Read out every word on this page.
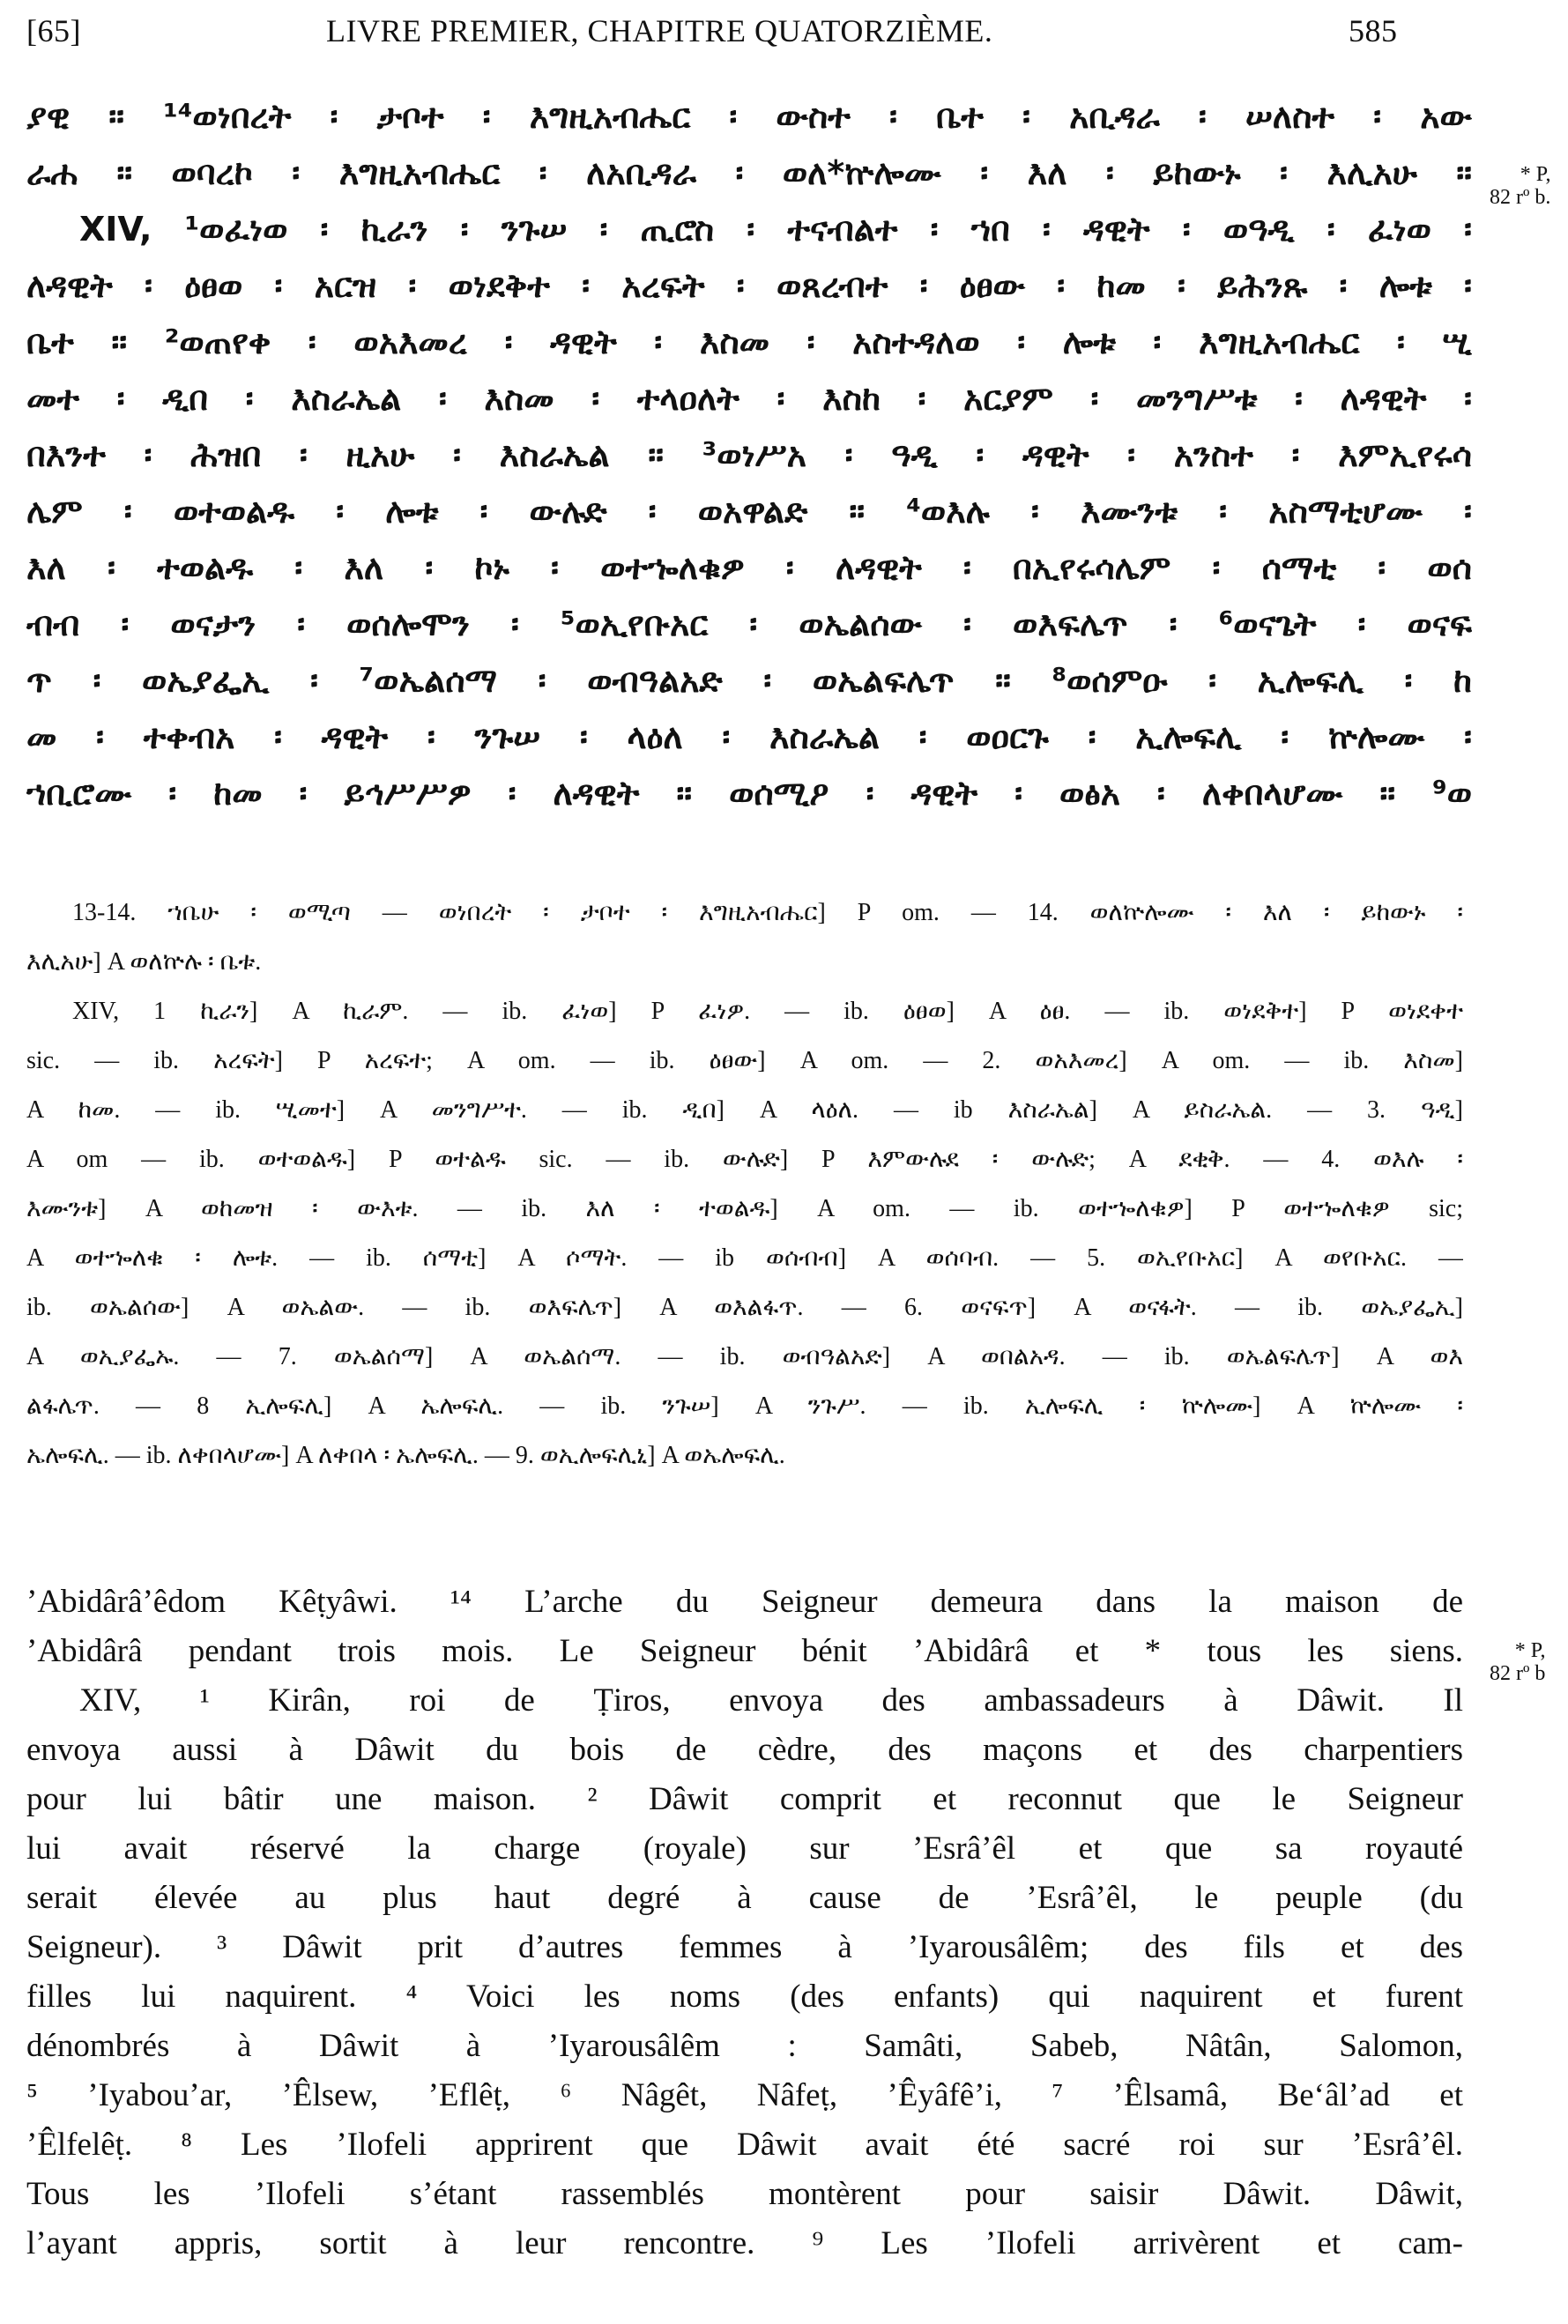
[65]	LIVRE PREMIER, CHAPITRE QUATORZIÈME.	585
ያዊ ። ¹⁴ወነበረት ፡ ታቦተ ፡ እግዚአብሔር ፡ ውስተ ፡ ቤተ ፡ አቢዳራ ፡ ሠለስተ ፡ አው
ራሐ ። ወባረኮ ፡ እግዚአብሔር ፡ ለአቢዳራ ፡ ወለ*ኵሎሙ ፡ እለ ፡ ይከውኑ ፡ እሊአሁ ።
XIV, ¹ወፈነወ ፡ ኪራን ፡ ንጉሠ ፡ ጢሮስ ፡ ተናብልተ ፡ ኀበ ፡ ዳዊት ፡ ወዓዲ ፡ ፈነወ ፡
ለዳዊት ፡ ዕፀወ ፡ አርዝ ፡ ወነደቅተ ፡ አረፍት ፡ ወጸረብተ ፡ ዕፀው ፡ ከመ ፡ ይሕንጹ ፡ ሎቱ ፡
ቤተ ። ²ወጠየቀ ፡ ወአእመረ ፡ ዳዊት ፡ እስመ ፡ አስተዳለወ ፡ ሎቱ ፡ እግዚአብሔር ፡ ሢ
መተ ፡ ዲበ ፡ እስራኤል ፡ እስመ ፡ ተላዐለት ፡ እስከ ፡ አርያም ፡ መንግሥቱ ፡ ለዳዊት ፡
በእንተ ፡ ሕዝበ ፡ ዚአሁ ፡ እስራኤል ። ³ወነሥአ ፡ ዓዲ ፡ ዳዊት ፡ አንስተ ፡ እምኢየሩሳ
ሌም ፡ ወተወልዱ ፡ ሎቱ ፡ ውሉድ ፡ ወአዋልድ ። ⁴ወእሉ ፡ እሙንቱ ፡ አስማቲሆሙ ፡
እለ ፡ ተወልዱ ፡ እለ ፡ ኮኑ ፡ ወተኈለቁዎ ፡ ለዳዊት ፡ በኢየሩሳሌም ፡ ሰማቲ ፡ ወሰ
ብብ ፡ ወናታን ፡ ወሰሎሞን ፡ ⁵ወኢየቡአር ፡ ወኤልሰው ፡ ወእፍሌጥ ፡ ⁶ወናጌት ፡ ወናፍ
ጥ ፡ ወኤያፌኢ ፡ ⁷ወኤልሰማ ፡ ወብዓልአድ ፡ ወኤልፍሌጥ ። ⁸ወሰምዑ ፡ ኢሎፍሊ ፡ ከ
መ ፡ ተቀብአ ፡ ዳዊት ፡ ንጉሠ ፡ ላዕለ ፡ እስራኤል ፡ ወዐርጉ ፡ ኢሎፍሊ ፡ ኵሎሙ ፡
ኀቢሮሙ ፡ ከመ ፡ ይኅሥሥዎ ፡ ለዳዊት ። ወሰሚዖ ፡ ዳዊት ፡ ወፅአ ፡ ለቀበላሆሙ ። ⁹ወ
* P,
82 rº b.
13-14. ኀቤሁ ፡ ወሚጣ — ወነበረት ፡ ታቦተ ፡ እግዚአብሔር] P om. — 14. ወለኵሎሙ ፡ እለ ፡ ይከውኑ ፡
እሊአሁ] A ወለኵሉ ፡ ቤቱ.
XIV, 1 ኪራን] A ኪራም. — ib. ፈነወ] P ፈነዎ. — ib. ዕፀወ] A ዕፀ. — ib. ወነደቅተ] P ወነደቀተ
sic. — ib. አረፍት] P አረፍተ; A om. — ib. ዕፀው] A om. — 2. ወአእመረ] A om. — ib. እስመ]
A ከመ. — ib. ሢመተ] A መንግሥተ. — ib. ዲበ] A ላዕለ. — ib እስራኤል] A ይስራኤል. — 3. ዓዲ]
A om — ib. ወተወልዱ] P ወተልዱ sic. — ib. ውሉድ] P እምውሉደ ፡ ውሉድ; A ደቂቅ. — 4. ወእሉ ፡
እሙንቱ] A ወከመዝ ፡ ውእቱ. — ib. እለ ፡ ተወልዱ] A om. — ib. ወተኈለቁዎ] P ወተኈለቁዎ sic;
A ወተኈለቁ ፡ ሎቱ. — ib. ሰማቲ] A ሶማት. — ib ወሰብብ] A ወሰባብ. — 5. ወኢየቡአር] A ወየቡአር. —
ib. ወኤልሰው] A ወኤልው. — ib. ወእፍሌጥ] A ወእልፋጥ. — 6. ወናፍጥ] A ወናፋት. — ib. ወኤያፌኢ]
A ወኢያፌኡ. — 7. ወኤልሰማ] A ወኤልሰማ. — ib. ወብዓልአድ] A ወበልአዳ. — ib. ወኤልፍሌጥ] A ወእ
ልፋሌጥ. — 8 ኢሎፍሊ] A ኤሎፍሊ. — ib. ንጉሠ] A ንጉሥ. — ib. ኢሎፍሊ ፡ ኵሎሙ] A ኵሎሙ ፡
ኤሎፍሊ. — ib. ለቀበላሆሙ] A ለቀበላ ፡ ኤሎፍሊ. — 9. ወኢሎፍሊኒ] A ወኤሎፍሊ.
’Abidârâ’êdom Kêṭyâwi. ¹⁴ L’arche du Seigneur demeura dans la maison de
’Abidârâ pendant trois mois. Le Seigneur bénit ’Abidârâ et * tous les siens.
XIV, ¹ Kirân, roi de Ṭiros, envoya des ambassadeurs à Dâwit. Il
envoya aussi à Dâwit du bois de cèdre, des maçons et des charpentiers
pour lui bâtir une maison. ² Dâwit comprit et reconnut que le Seigneur
lui avait réservé la charge (royale) sur ’Esrâ’êl et que sa royauté
serait élevée au plus haut degré à cause de ’Esrâ’êl, le peuple (du
Seigneur). ³ Dâwit prit d’autres femmes à ’Iyarousâlêm; des fils et des
filles lui naquirent. ⁴ Voici les noms (des enfants) qui naquirent et furent
dénombrés à Dâwit à ’Iyarousâlêm : Samâti, Sabeb, Nâtân, Salomon,
⁵ ’Iyabou’ar, ’Êlsew, ’Eflêṭ, ⁶ Nâgêt, Nâfeṭ, ’Êyâfê’i, ⁷ ’Êlsamâ, Be‘âl’ad et
’Êlfelêṭ. ⁸ Les ’Ilofeli apprirent que Dâwit avait été sacré roi sur ’Esrâ’êl.
Tous les ’Ilofeli s’étant rassemblés montèrent pour saisir Dâwit. Dâwit,
l’ayant appris, sortit à leur rencontre. ⁹ Les ’Ilofeli arrivèrent et cam-
* P,
82 rº b
